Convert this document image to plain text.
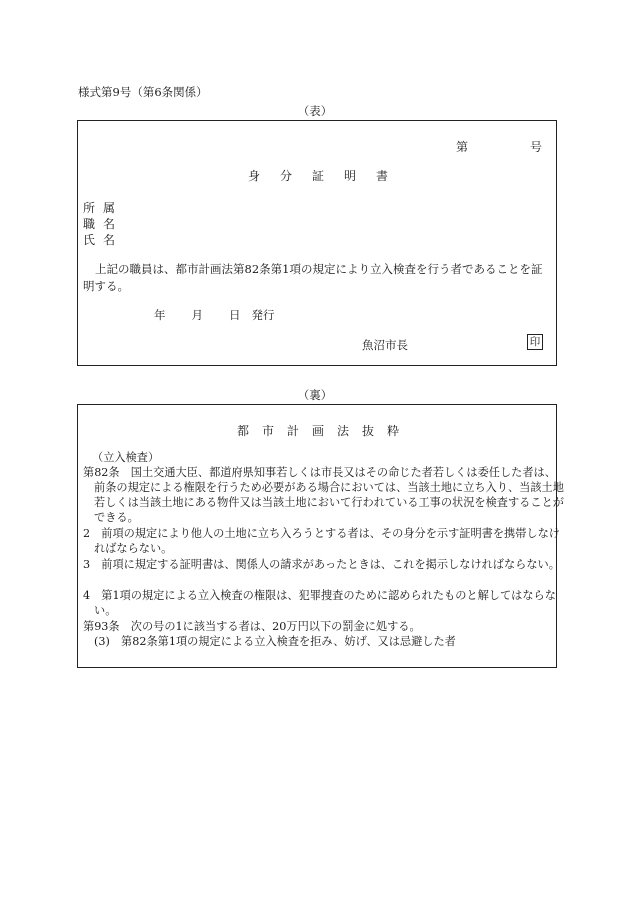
様式第9号（第6条関係）
（表）
第	号
身分証明書
所属
職名
氏名
上記の職員は、都市計画法第82条第1項の規定により立入検査を行う者であることを証明する。
年 月 日 発行
魚沼市長	印
（裏）
都市計画法抜粋
（立入検査）
第82条　国土交通大臣、都道府県知事若しくは市長又はその命じた者若しくは委任した者は、前条の規定による権限を行うため必要がある場合においては、当該土地に立ち入り、当該土地若しくは当該土地にある物件又は当該土地において行われている工事の状況を検査することができる。
2　前項の規定により他人の土地に立ち入ろうとする者は、その身分を示す証明書を携帯しなければならない。
3　前項に規定する証明書は、関係人の請求があったときは、これを掲示しなければならない。
4　第1項の規定による立入検査の権限は、犯罪捜査のために認められたものと解してはならない。
第93条　次の号の1に該当する者は、20万円以下の罰金に処する。
(3)　第82条第1項の規定による立入検査を拒み、妨げ、又は忌避した者
